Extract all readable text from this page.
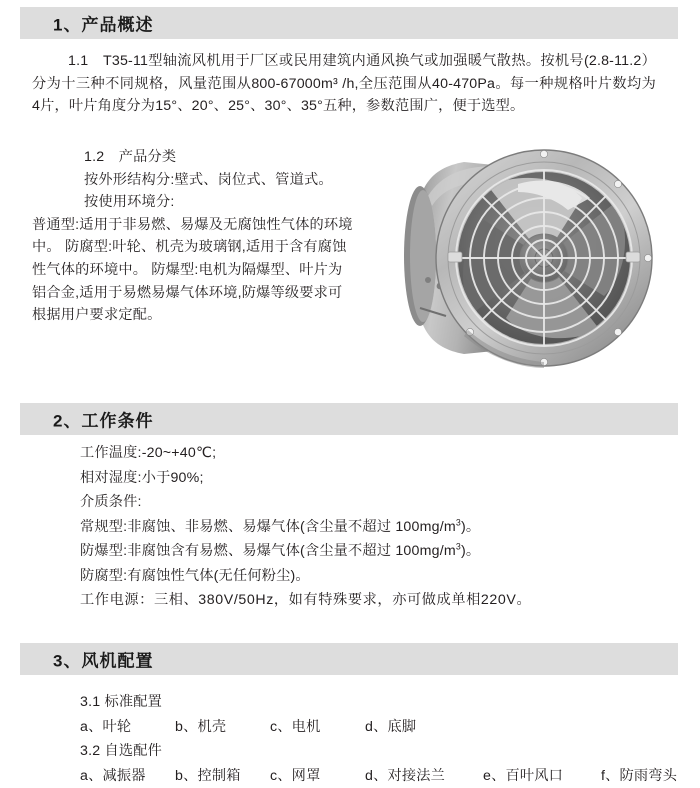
1、产品概述
1.1　T35-11型轴流风机用于厂区或民用建筑内通风换气或加强暖气散热。按机号(2.8-11.2）分为十三种不同规格，风量范围从800-67000m³ /h,全压范围从40-470Pa。每一种规格叶片数均为4片，叶片角度分为15°、20°、25°、30°、35°五种，参数范围广，便于选型。
1.2　产品分类
按外形结构分:壁式、岗位式、管道式。
按使用环境分:
普通型:适用于非易燃、易爆及无腐蚀性气体的环境中。 防腐型:叶轮、机壳为玻璃钢,适用于含有腐蚀性气体的环境中。 防爆型:电机为隔爆型、叶片为铝合金,适用于易燃易爆气体环境,防爆等级要求可根据用户要求定配。
2、工作条件
工作温度:-20~+40℃;
相对湿度:小于90%;
介质条件:
常规型:非腐蚀、非易燃、易爆气体(含尘量不超过 $100mg/m^3$)。
防爆型:非腐蚀含有易燃、易爆气体(含尘量不超过 $100mg/m^3$)。
防腐型:有腐蚀性气体(无任何粉尘)。
工作电源：三相、380V/50Hz，如有特殊要求，亦可做成单相220V。
3、风机配置
3.1 标准配置
a、叶轮	b、机壳	c、电机	d、底脚
3.2 自选配件
a、减振器 b、控制箱 c、网罩	d、对接法兰	e、百叶风口	f、防雨弯头
